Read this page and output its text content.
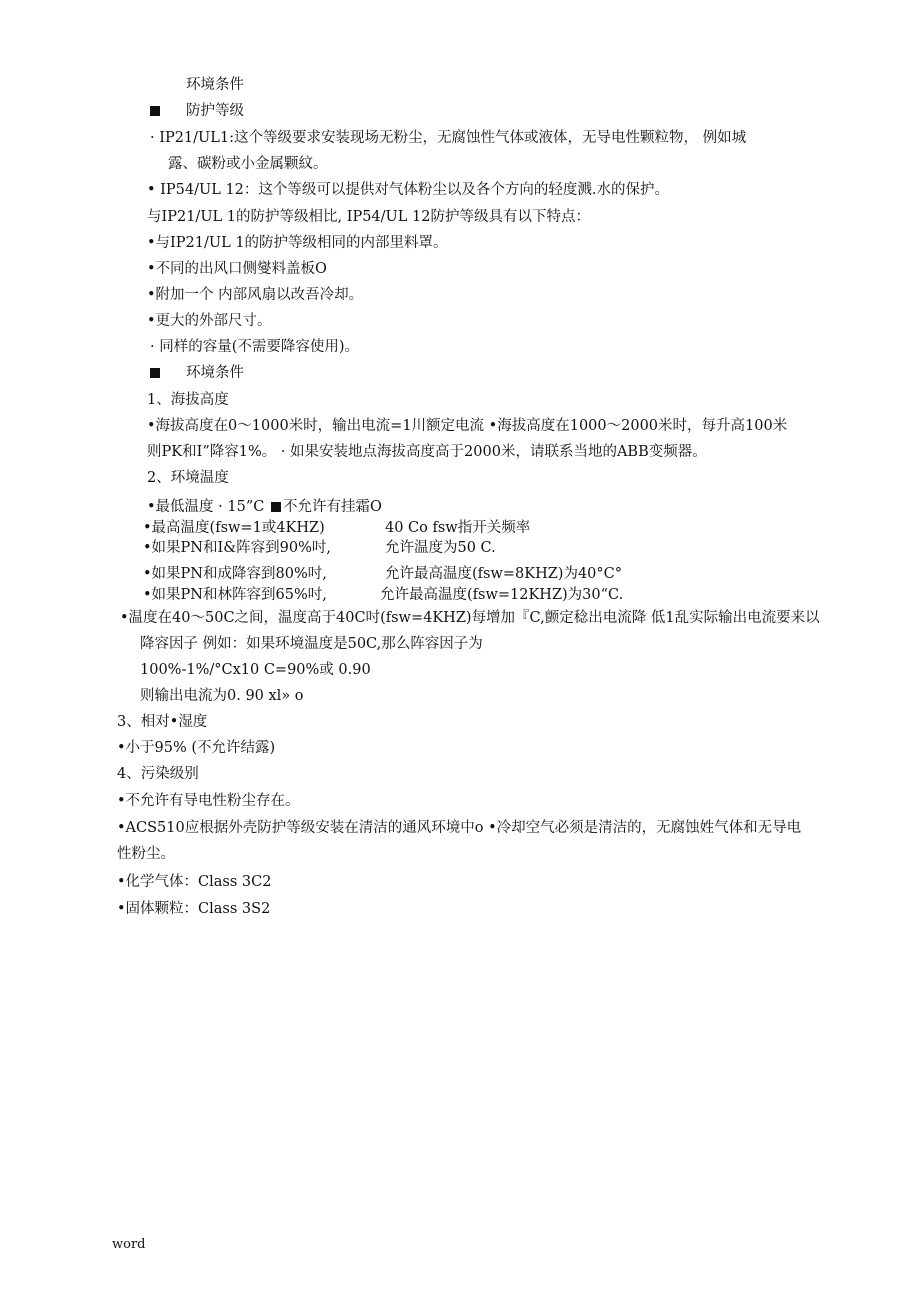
环境条件
防护等级
· IP21/UL1:这个等级要求安装现场无粉尘，无腐蚀性气体或液体，无导电性颗粒物， 例如城
露、碳粉或小金属颗紋。
• IP54/UL 12：这个等级可以提供对气体粉尘以及各个方向的轻度溅.水的保护。
与IP21/UL 1的防护等级相比, IP54/UL 12防护等级具有以下特点：
•与IP21/UL 1的防护等级相同的内部里料罩。
•不同的出风口侧燮料盖板O
•附加一个 内部风扇以改吾冷却。
•更大的外部尺寸。
· 同样的容量(不需要降容使用)。
环境条件
1、海拔高度
•海拔高度在0～1000米时，输出电流=1川额定电流 •海拔高度在1000～2000米时，每升高100米
则PK和I”降容1%。 · 如果安装地点海拔高度高于2000米，请联系当地的ABB变频器。
2、环境温度
•最低温度 · 15”C 不允许有挂霜O
•最高温度(fsw=1或4KHZ)	40 Co fsw指开关频率
•如果PN和I&阵容到90%吋,	允许温度为50 C.
•如果PN和成降容到80%吋,	允许最高温度(fsw=8KHZ)为40°C°
•如果PN和林阵容到65%吋,	允许最高温度(fsw=12KHZ)为30“C.
•温度在40～50C之间，温度高于40C吋(fsw=4KHZ)每增加『C,颤定稔出电流降 低1乱实际输出电流要来以
降容因子 例如：如果环境温度是50C,那么阵容因子为
100%-1%/°Cx10 C=90%或 0.90
则输出电流为0. 90 xl» o
3、相对•湿度
•小于95% (不允许结露)
4、污染级别
•不允许有导电性粉尘存在。
•ACS510应根据外壳防护等级安装在清洁的通风环境中o •冷却空气必须是清洁的，无腐蚀姓气体和无导电
性粉尘。
•化学气体：Class 3C2
•固体颗粒：Class 3S2
word
